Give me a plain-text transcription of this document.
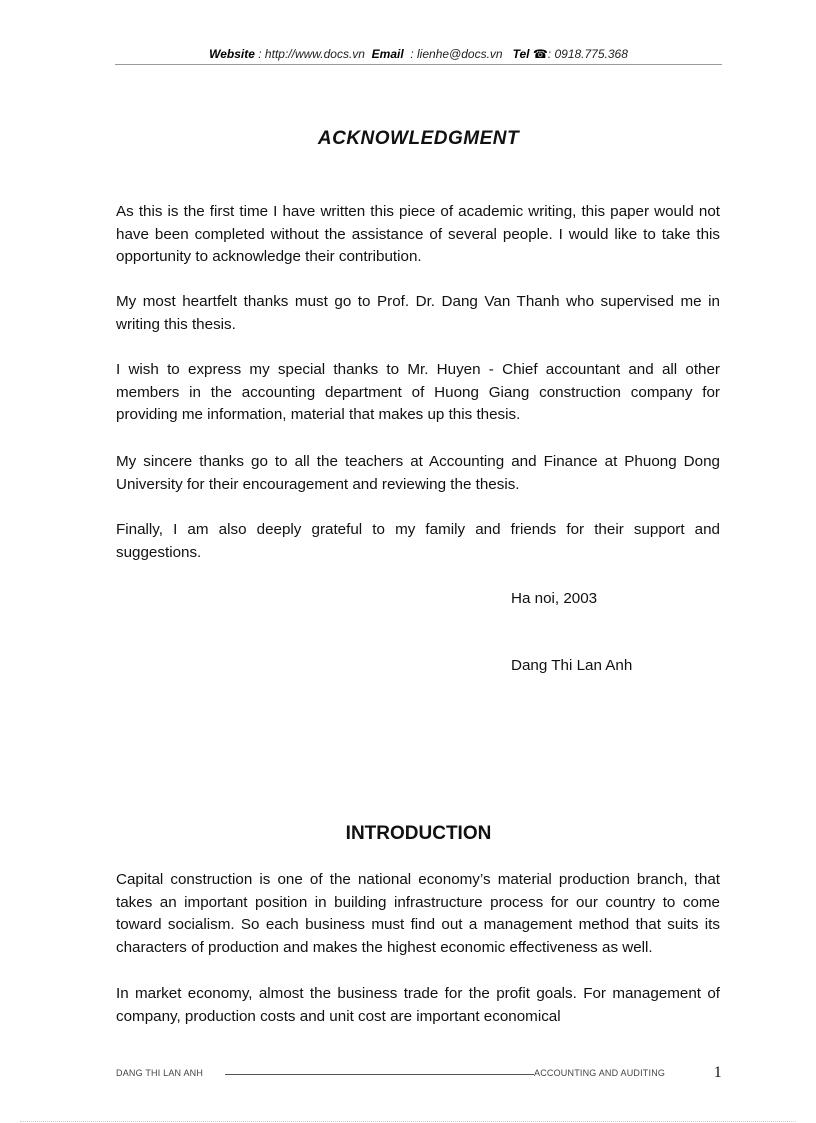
Website : http://www.docs.vn Email : lienhe@docs.vn Tel ☎: 0918.775.368
ACKNOWLEDGMENT

As this is the first time I have written this piece of academic writing, this paper would not have been completed without the assistance of several people. I would like to take this opportunity to acknowledge their contribution.

My most heartfelt thanks must go to Prof. Dr. Dang Van Thanh who supervised me in writing this thesis.

I wish to express my special thanks to Mr. Huyen - Chief accountant and all other members in the accounting department of Huong Giang construction company for providing me information, material that makes up this thesis.

My sincere thanks go to all the teachers at Accounting and Finance at Phuong Dong University for their encouragement and reviewing the thesis.

Finally, I am also deeply grateful to my family and friends for their support and suggestions.

Ha noi, 2003

Dang Thi Lan Anh

INTRODUCTION

Capital construction is one of the national economy’s material production branch, that takes an important position in building infrastructure process for our country to come toward socialism. So each business must find out a management method that suits its characters of production and makes the highest economic effectiveness as well.

In market economy, almost the business trade for the profit goals. For management of company, production costs and unit cost are important economical

DANG THI LAN ANH	ACCOUNTING AND AUDITING	1
